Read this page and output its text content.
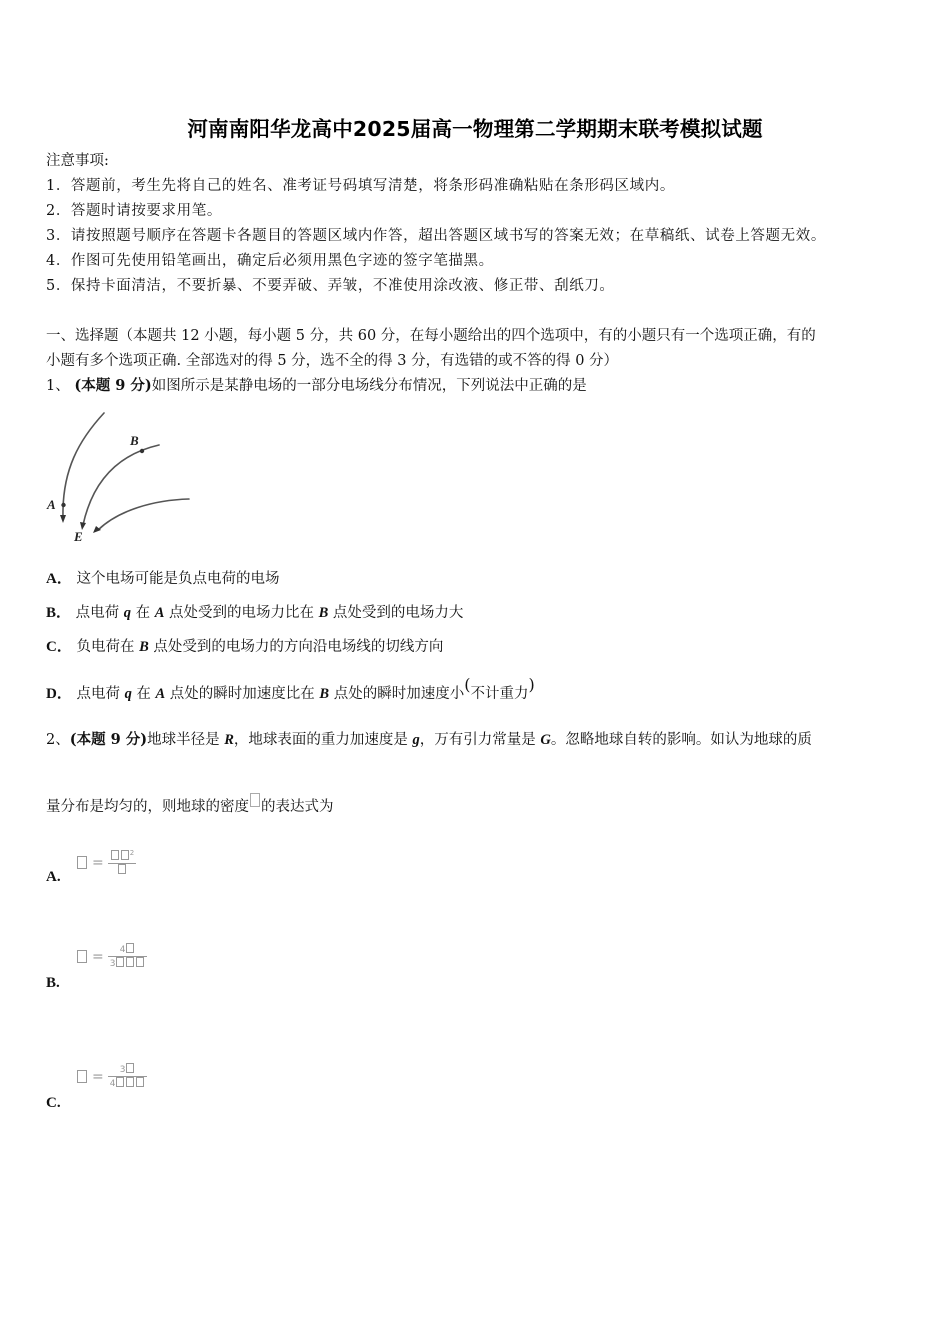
河南南阳华龙高中2025届高一物理第二学期期末联考模拟试题
注意事项:
1．答题前，考生先将自己的姓名、准考证号码填写清楚，将条形码准确粘贴在条形码区域内。
2．答题时请按要求用笔。
3．请按照题号顺序在答题卡各题目的答题区域内作答，超出答题区域书写的答案无效；在草稿纸、试卷上答题无效。
4．作图可先使用铅笔画出，确定后必须用黑色字迹的签字笔描黑。
5．保持卡面清洁，不要折暴、不要弄破、弄皱，不准使用涂改液、修正带、刮纸刀。
一、选择题（本题共 12 小题，每小题 5 分，共 60 分，在每小题给出的四个选项中，有的小题只有一个选项正确，有的
小题有多个选项正确. 全部选对的得 5 分，选不全的得 3 分，有选错的或不答的得 0 分）
1、 (本题 9 分)如图所示是某静电场的一部分电场线分布情况，下列说法中正确的是
A
B
E
A． 这个电场可能是负点电荷的电场
B． 点电荷 q 在 A 点处受到的电场力比在 B 点处受到的电场力大
C． 负电荷在 B 点处受到的电场力的方向沿电场线的切线方向
D． 点电荷 q 在 A 点处的瞬时加速度比在 B 点处的瞬时加速度小(不计重力)
2、(本题 9 分)地球半径是 R，地球表面的重力加速度是 g，万有引力常量是 G。忽略地球自转的影响。如认为地球的质
量分布是均匀的，则地球的密度 的表达式为
A.
=
$^2$
B.
= $\frac{4}{3}$
C.
= $\frac{3}{4}$
